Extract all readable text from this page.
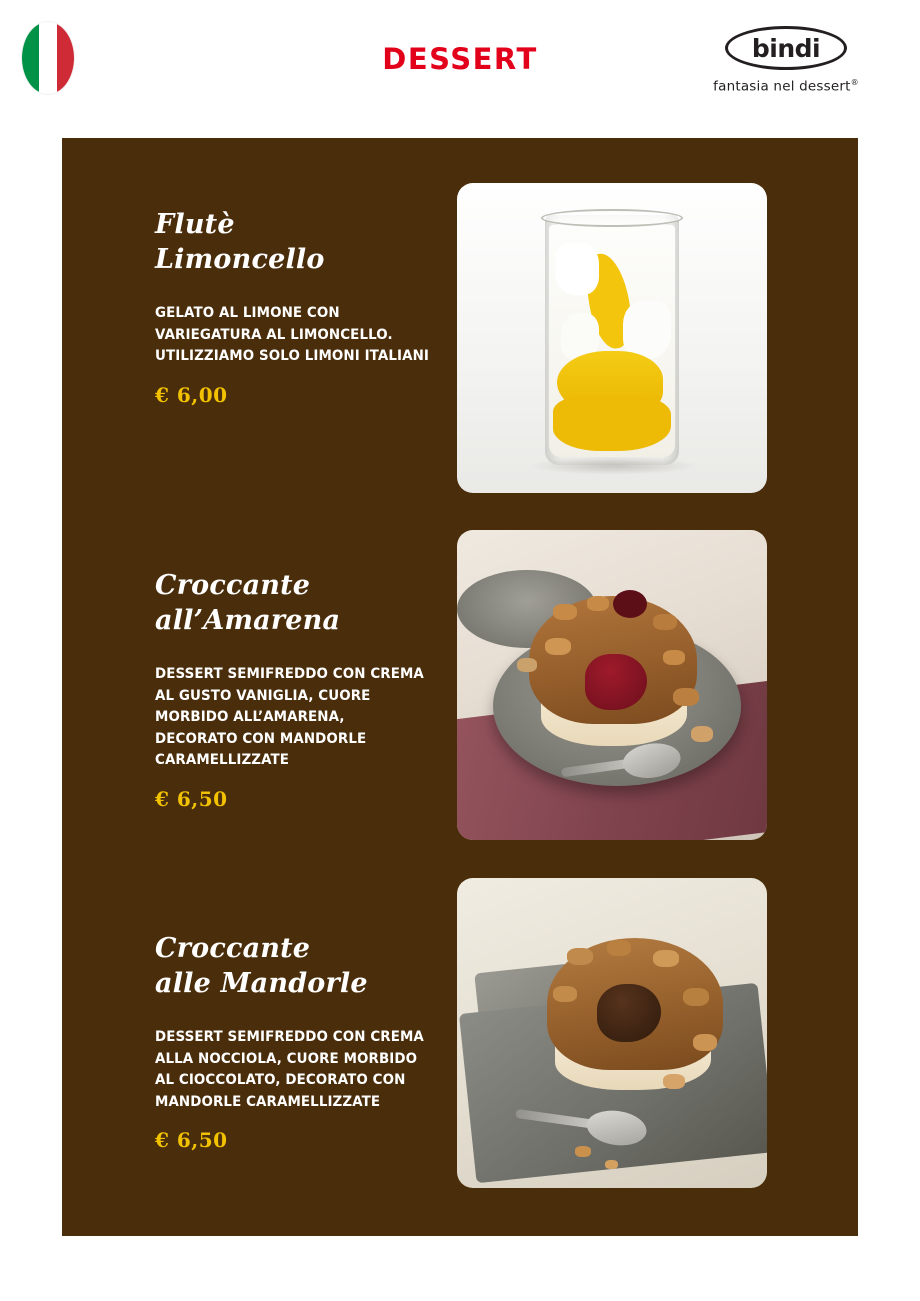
DESSERT	bindi
fantasia nel dessert®
Flutè
Limoncello
GELATO AL LIMONE CON VARIEGATURA AL LIMONCELLO. UTILIZZIAMO SOLO LIMONI ITALIANI
€ 6,00
Croccante
all’Amarena
DESSERT SEMIFREDDO CON CREMA AL GUSTO VANIGLIA, CUORE MORBIDO ALL’AMARENA, DECORATO CON MANDORLE CARAMELLIZZATE
€ 6,50
Croccante
alle Mandorle
DESSERT SEMIFREDDO CON CREMA ALLA NOCCIOLA, CUORE MORBIDO AL CIOCCOLATO, DECORATO CON MANDORLE CARAMELLIZZATE
€ 6,50
